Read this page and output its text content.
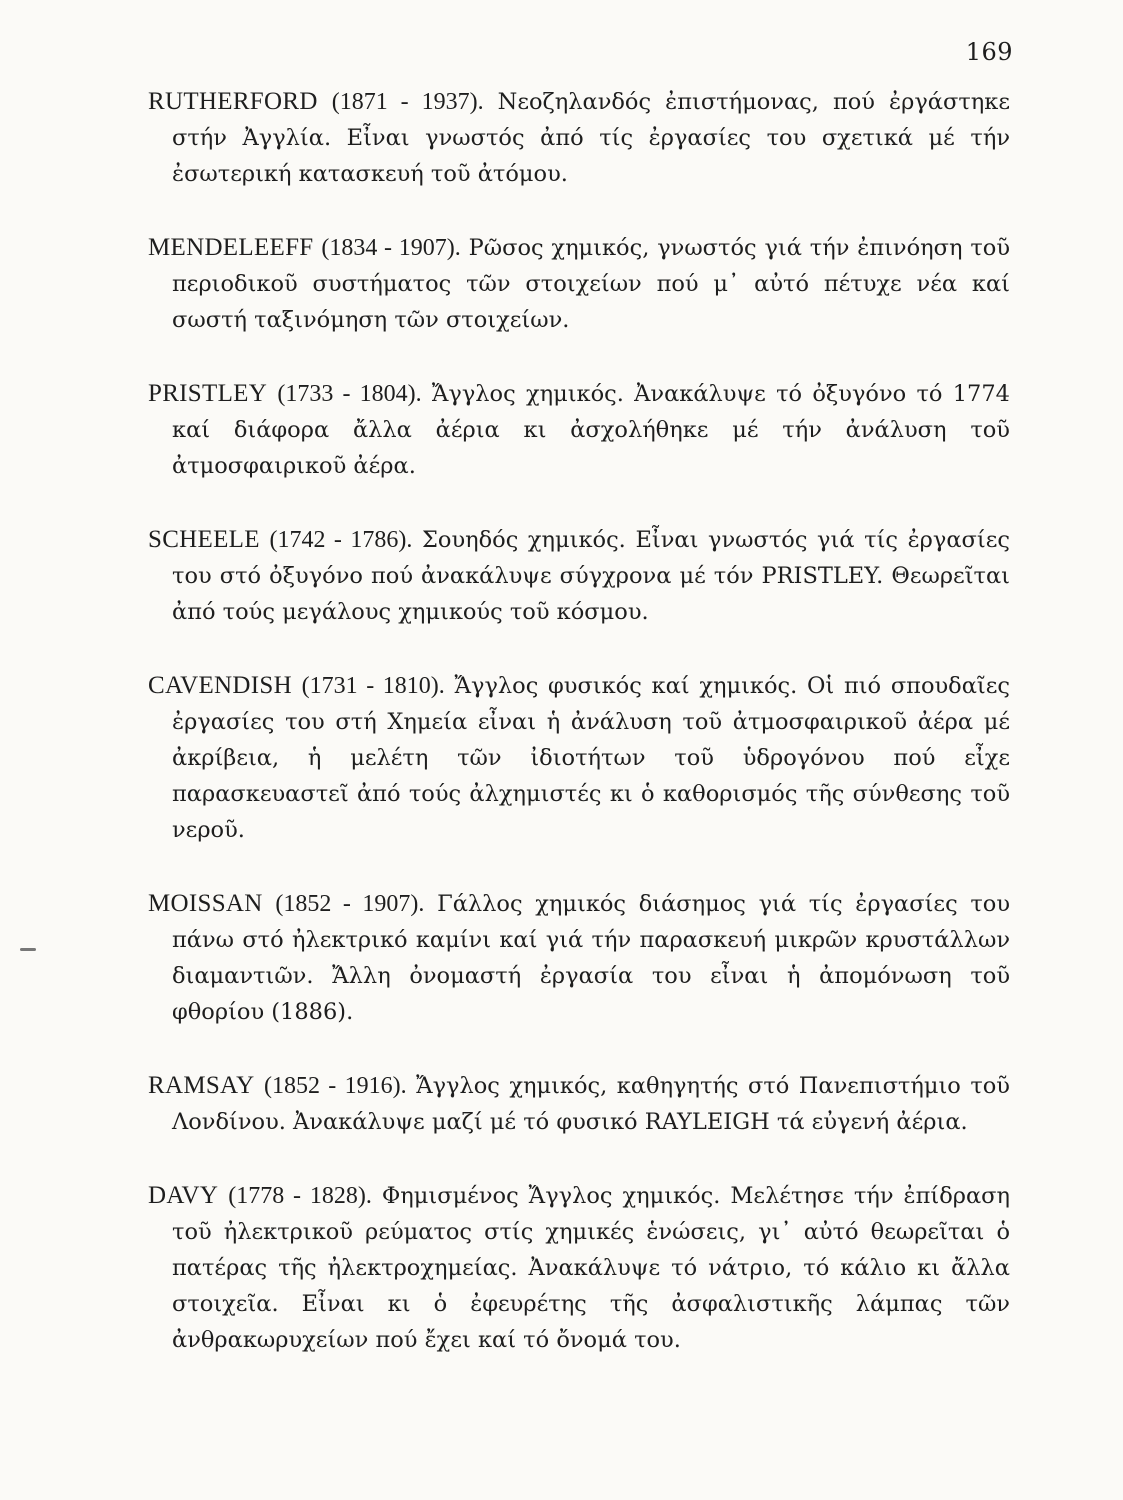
169

RUTHERFORD (1871 - 1937). Νεοζηλανδός ἐπιστήμονας, πού ἐργάστηκε στήν Ἀγγλία. Εἶναι γνωστός ἀπό τίς ἐργασίες του σχετικά μέ τήν ἐσωτερική κατασκευή τοῦ ἀτόμου.

MENDELEEFF (1834 - 1907). Ρῶσος χημικός, γνωστός γιά τήν ἐπινόηση τοῦ περιοδικοῦ συστήματος τῶν στοιχείων πού μ᾽ αὐτό πέτυχε νέα καί σωστή ταξινόμηση τῶν στοιχείων.

PRISTLEY (1733 - 1804). Ἄγγλος χημικός. Ἀνακάλυψε τό ὀξυγόνο τό 1774 καί διάφορα ἄλλα ἀέρια κι ἀσχολήθηκε μέ τήν ἀνάλυση τοῦ ἀτμοσφαιρικοῦ ἀέρα.

SCHEELE (1742 - 1786). Σουηδός χημικός. Εἶναι γνωστός γιά τίς ἐργασίες του στό ὀξυγόνο πού ἀνακάλυψε σύγχρονα μέ τόν PRISTLEY. Θεωρεῖται ἀπό τούς μεγάλους χημικούς τοῦ κόσμου.

CAVENDISH (1731 - 1810). Ἄγγλος φυσικός καί χημικός. Οἱ πιό σπουδαῖες ἐργασίες του στή Χημεία εἶναι ἡ ἀνάλυση τοῦ ἀτμοσφαιρικοῦ ἀέρα μέ ἀκρίβεια, ἡ μελέτη τῶν ἰδιοτήτων τοῦ ὑδρογόνου πού εἶχε παρασκευαστεῖ ἀπό τούς ἀλχημιστές κι ὁ καθορισμός τῆς σύνθεσης τοῦ νεροῦ.

MOISSAN (1852 - 1907). Γάλλος χημικός διάσημος γιά τίς ἐργασίες του πάνω στό ἠλεκτρικό καμίνι καί γιά τήν παρασκευή μικρῶν κρυστάλλων διαμαντιῶν. Ἄλλη ὀνομαστή ἐργασία του εἶναι ἡ ἀπομόνωση τοῦ φθορίου (1886).

RAMSAY (1852 - 1916). Ἄγγλος χημικός, καθηγητής στό Πανεπιστήμιο τοῦ Λονδίνου. Ἀνακάλυψε μαζί μέ τό φυσικό RAYLEIGH τά εὐγενή ἀέρια.

DAVY (1778 - 1828). Φημισμένος Ἄγγλος χημικός. Μελέτησε τήν ἐπίδραση τοῦ ἠλεκτρικοῦ ρεύματος στίς χημικές ἑνώσεις, γι᾽ αὐτό θεωρεῖται ὁ πατέρας τῆς ἠλεκτροχημείας. Ἀνακάλυψε τό νάτριο, τό κάλιο κι ἄλλα στοιχεῖα. Εἶναι κι ὁ ἐφευρέτης τῆς ἀσφαλιστικῆς λάμπας τῶν ἀνθρακωρυχείων πού ἔχει καί τό ὄνομά του.
